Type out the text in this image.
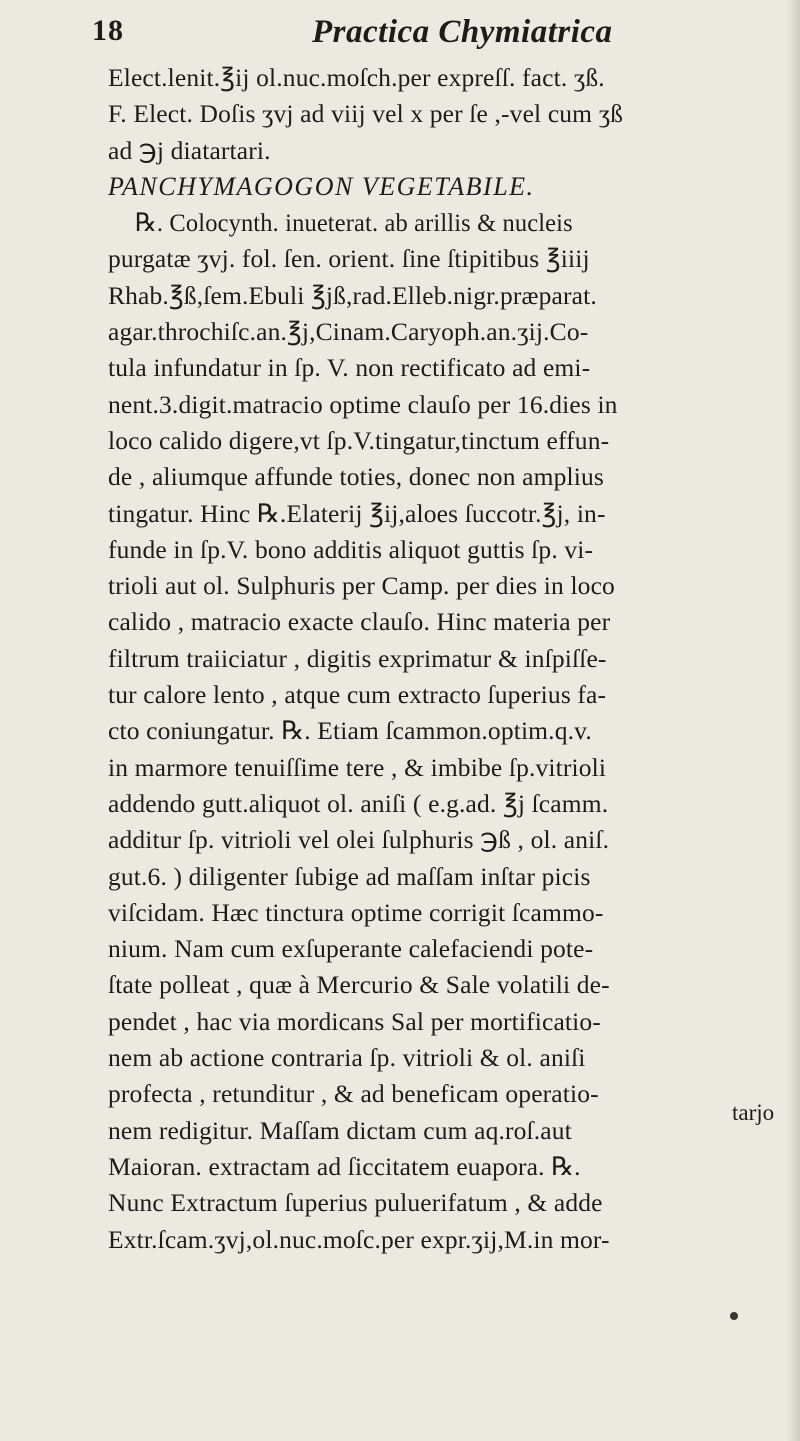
18	Practica Chymiatrica
Elect.lenit.℥ij ol.nuc.moſch.per expreſſ. fact. ʒß.
F. Elect. Doſis ʒvj ad viij vel x per ſe ,-vel cum ʒß
ad ℈j diatartari.
PANCHYMAGOGON VEGETABILE.
℞. Colocynth. inueterat. ab arillis & nucleis
purgatæ ʒvj. fol. ſen. orient. ſine ſtipitibus ℥iiij
Rhab.℥ß,ſem.Ebuli ℥jß,rad.Elleb.nigr.præparat.
agar.throchiſc.an.℥j,Cinam.Caryoph.an.ʒij.Co-
tula infundatur in ſp. V. non rectificato ad emi-
nent.3.digit.matracio optime clauſo per 16.dies in
loco calido digere,vt ſp.V.tingatur,tinctum effun-
de , aliumque affunde toties, donec non amplius
tingatur. Hinc ℞.Elaterij ℥ij,aloes ſuccotr.℥j, in-
funde in ſp.V. bono additis aliquot guttis ſp. vi-
trioli aut ol. Sulphuris per Camp. per dies in loco
calido , matracio exacte clauſo. Hinc materia per
filtrum traiiciatur , digitis exprimatur & inſpiſſe-
tur calore lento , atque cum extracto ſuperius fa-
cto coniungatur. ℞. Etiam ſcammon.optim.q.v.
in marmore tenuiſſime tere , & imbibe ſp.vitrioli
addendo gutt.aliquot ol. aniſi ( e.g.ad. ℥j ſcamm.
additur ſp. vitrioli vel olei ſulphuris ℈ß , ol. aniſ.
gut.6. ) diligenter ſubige ad maſſam inſtar picis
viſcidam. Hæc tinctura optime corrigit ſcammo-
nium. Nam cum exſuperante calefaciendi pote-
ſtate polleat , quæ à Mercurio & Sale volatili de-
pendet , hac via mordicans Sal per mortificatio-
nem ab actione contraria ſp. vitrioli & ol. aniſi
profecta , retunditur , & ad beneficam operatio-
nem redigitur. Maſſam dictam cum aq.roſ.aut
Maioran. extractam ad ſiccitatem euapora. ℞.
Nunc Extractum ſuperius puluerifatum , & adde
Extr.ſcam.ʒvj,ol.nuc.moſc.per expr.ʒij,M.in mor-
tarjo
